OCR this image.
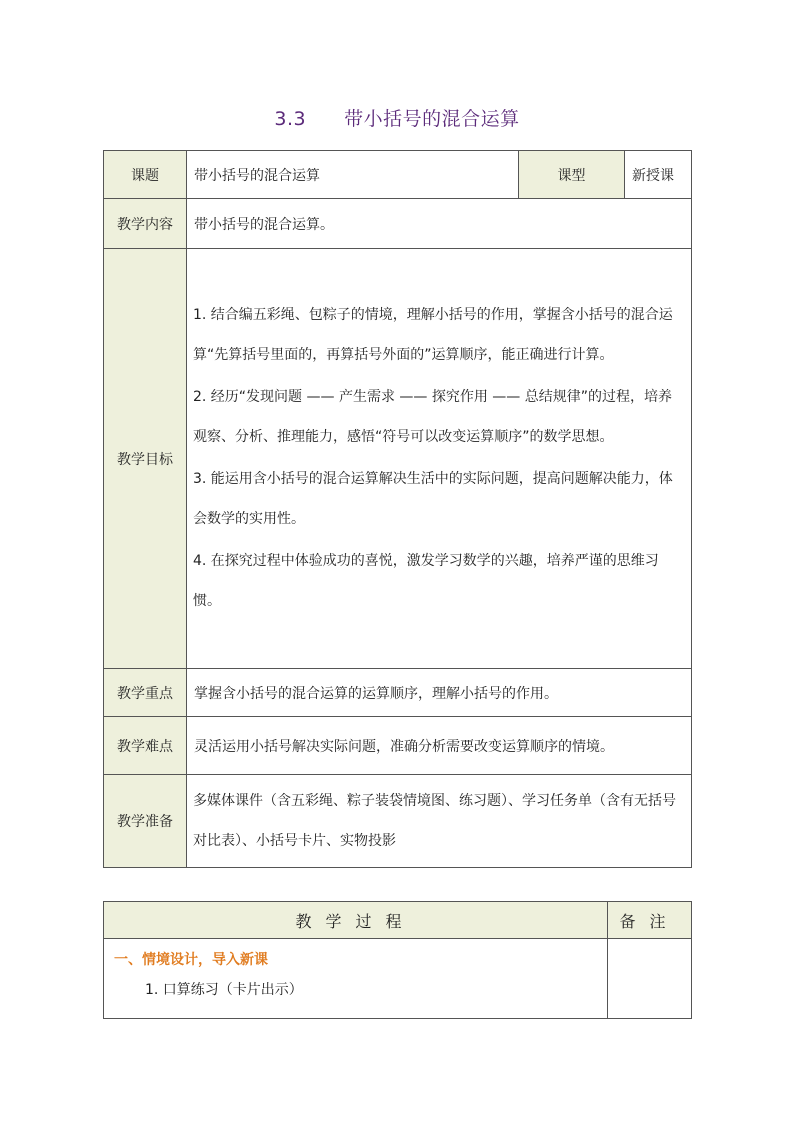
3.3 带小括号的混合运算
课题	带小括号的混合运算	课型	新授课
教学内容	带小括号的混合运算。		
教学目标	1. 结合编五彩绳、包粽子的情境，理解小括号的作用，掌握含小括号的混合运算“先算括号里面的，再算括号外面的”运算顺序，能正确进行计算。

2. 经历“发现问题 —— 产生需求 —— 探究作用 —— 总结规律”的过程，培养观察、分析、推理能力，感悟“符号可以改变运算顺序”的数学思想。

3. 能运用含小括号的混合运算解决生活中的实际问题，提高问题解决能力，体会数学的实用性。

4. 在探究过程中体验成功的喜悦，激发学习数学的兴趣，培养严谨的思维习惯。		

教学重点	掌握含小括号的混合运算的运算顺序，理解小括号的作用。		
教学难点	灵活运用小括号解决实际问题，准确分析需要改变运算顺序的情境。		
教学准备	多媒体课件（含五彩绳、粽子装袋情境图、练习题）、学习任务单（含有无括号对比表）、小括号卡片、实物投影		
教学过程	备注

一、情境设计，导入新课
1. 口算练习（卡片出示）	
